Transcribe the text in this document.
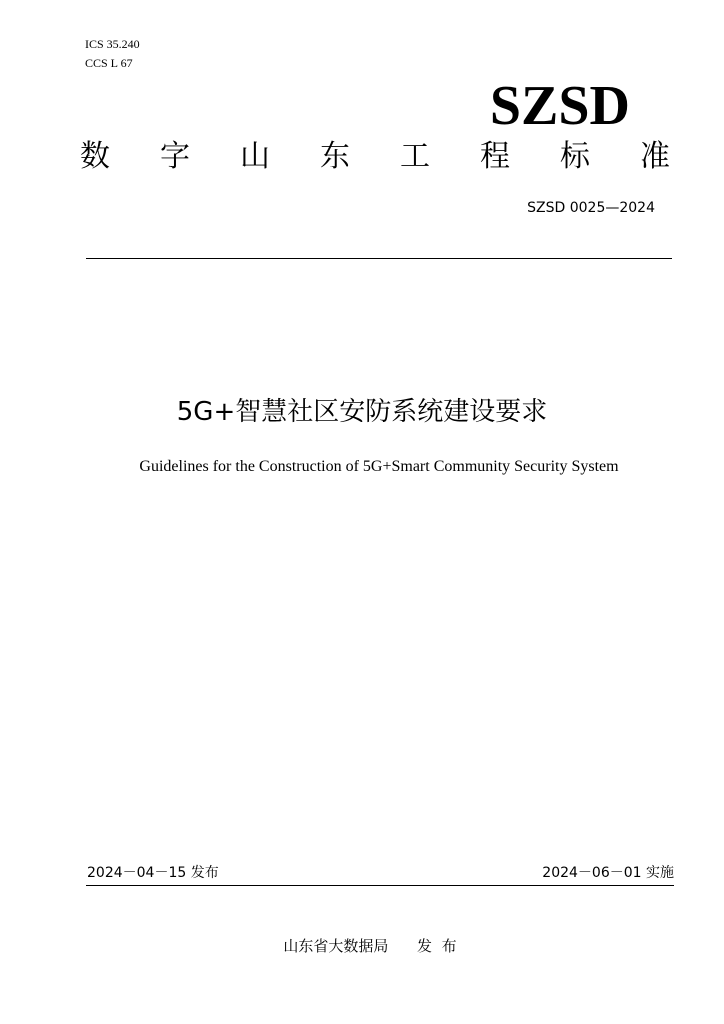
ICS 35.240
CCS L 67
SZSD
数 字 山 东 工 程 标 准
SZSD 0025—2024
5G+智慧社区安防系统建设要求
Guidelines for the Construction of 5G+Smart Community Security System
2024－04－15 发布	2024－06－01 实施
山东省大数据局      发  布
